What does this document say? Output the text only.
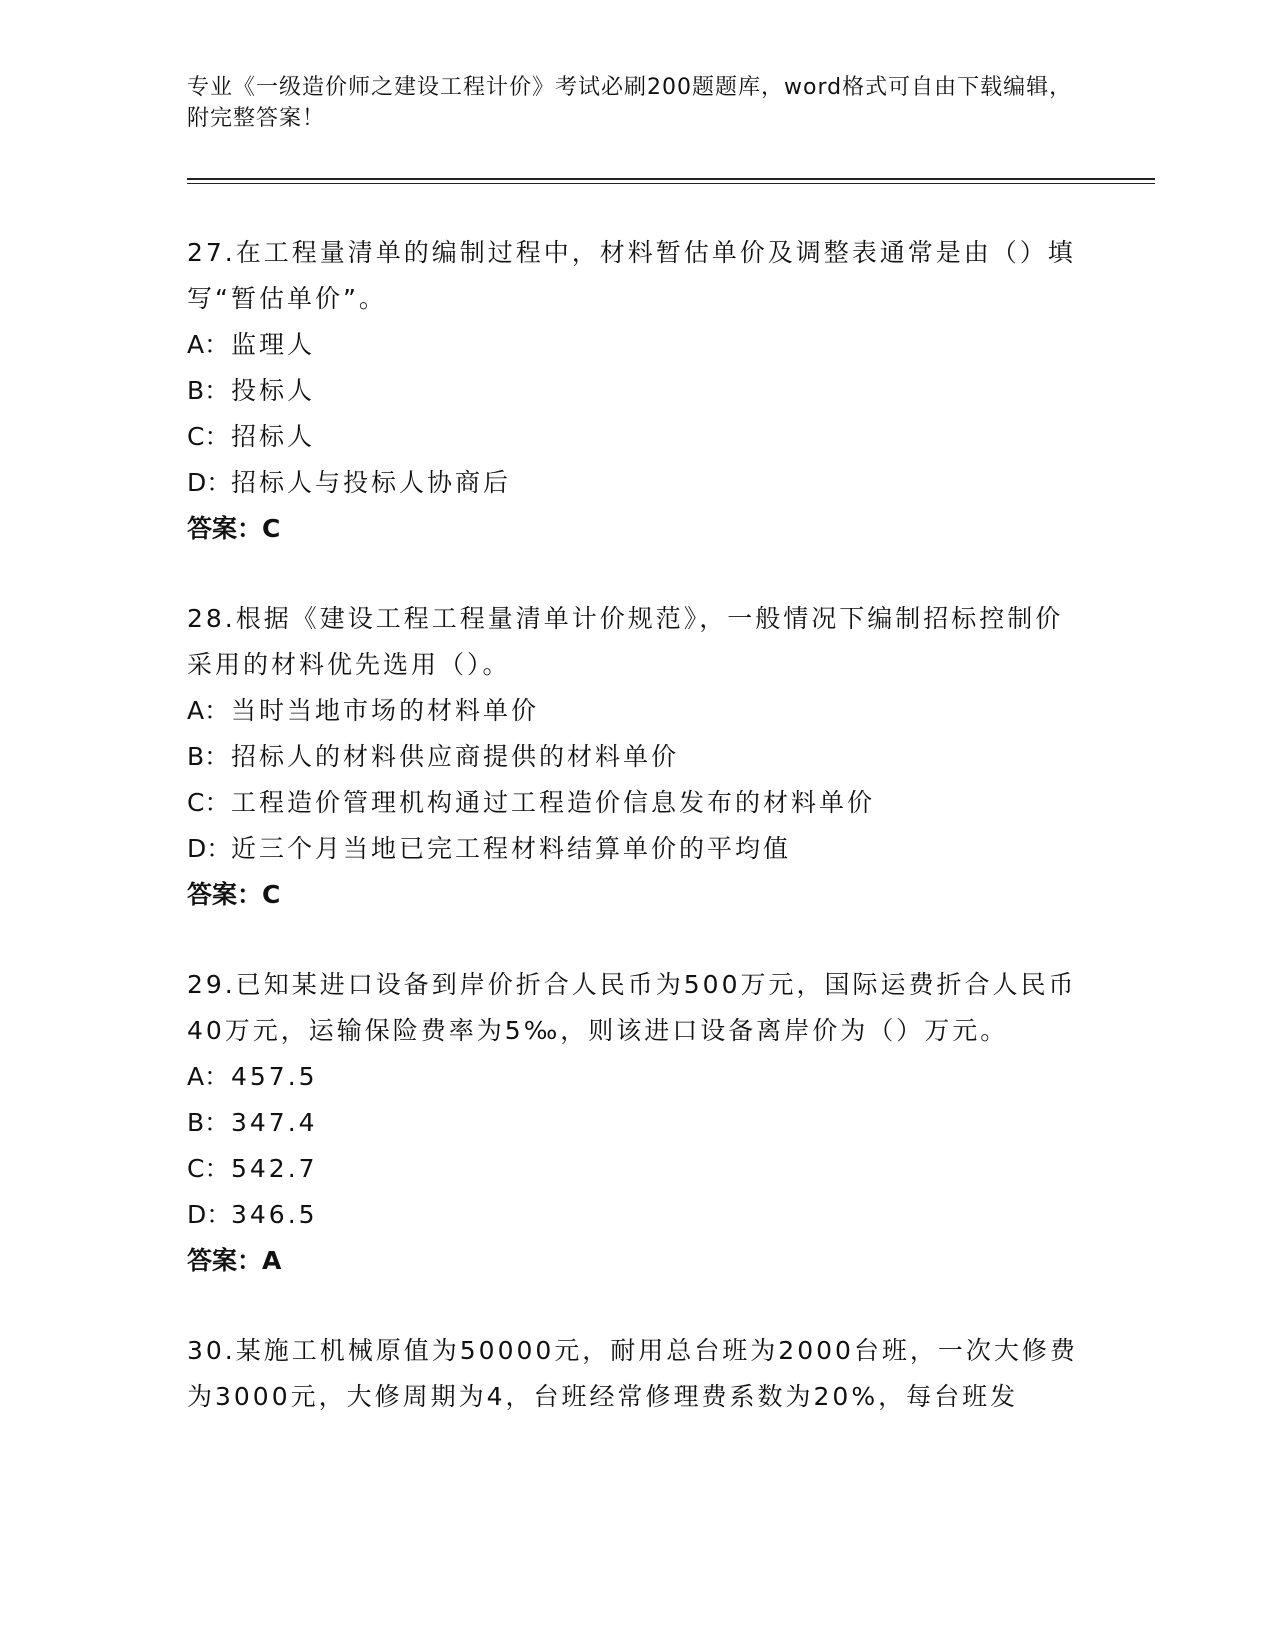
专业《一级造价师之建设工程计价》考试必刷200题题库，word格式可自由下载编辑，附完整答案！

27.在工程量清单的编制过程中，材料暂估单价及调整表通常是由（）填写“暂估单价”。

A：监理人

B：投标人

C：招标人

D：招标人与投标人协商后

答案：C

28.根据《建设工程工程量清单计价规范》，一般情况下编制招标控制价采用的材料优先选用（）。

A：当时当地市场的材料单价

B：招标人的材料供应商提供的材料单价

C：工程造价管理机构通过工程造价信息发布的材料单价

D：近三个月当地已完工程材料结算单价的平均值

答案：C

29.已知某进口设备到岸价折合人民币为500万元，国际运费折合人民币40万元，运输保险费率为5‰，则该进口设备离岸价为（）万元。

A：457.5

B：347.4

C：542.7

D：346.5

答案：A

30.某施工机械原值为50000元，耐用总台班为2000台班，一次大修费为3000元，大修周期为4，台班经常修理费系数为20%，每台班发
